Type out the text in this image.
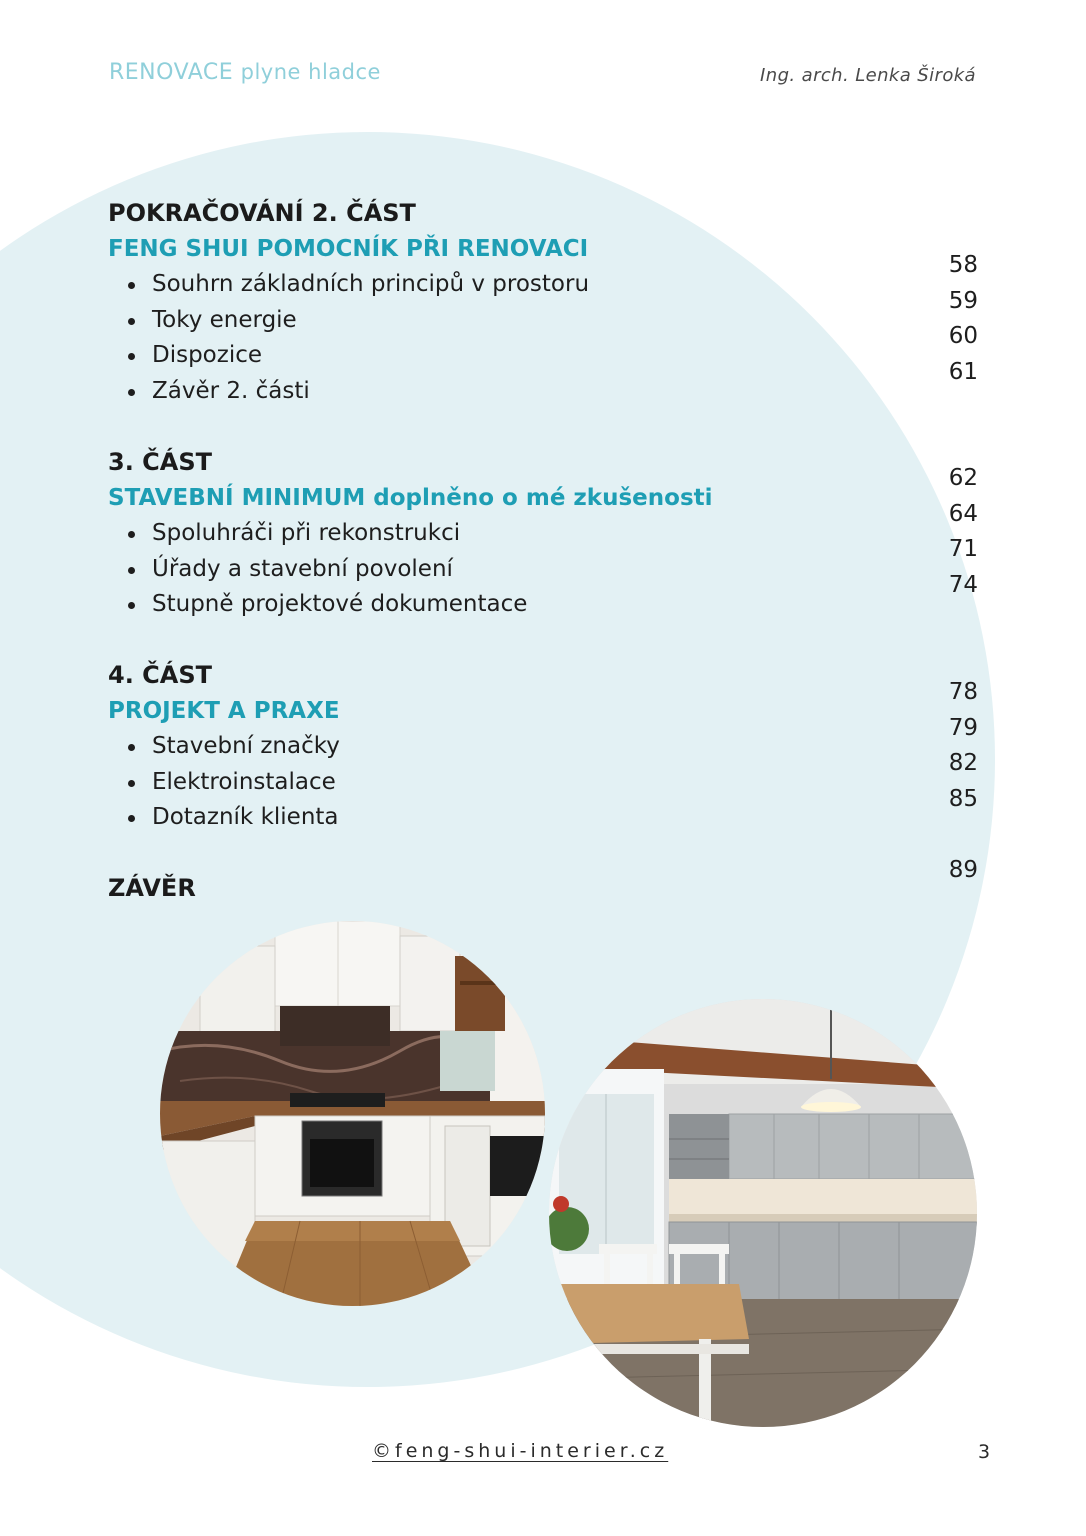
RENOVACE plyne hladce	Ing. arch. Lenka Široká
POKRAČOVÁNÍ 2. ČÁST
FENG SHUI POMOCNÍK PŘI RENOVACI
Souhrn základních principů v prostoru
Toky energie
Dispozice
Závěr 2. části
58
59
60
61
3. ČÁST
STAVEBNÍ MINIMUM doplněno o mé zkušenosti
Spoluhráči při rekonstrukci
Úřady a stavební povolení
Stupně projektové dokumentace
62
64
71
74
4. ČÁST
PROJEKT A PRAXE
Stavební značky
Elektroinstalace
Dotazník klienta
78
79
82
85
ZÁVĚR
89
©feng-shui-interier.cz	3
